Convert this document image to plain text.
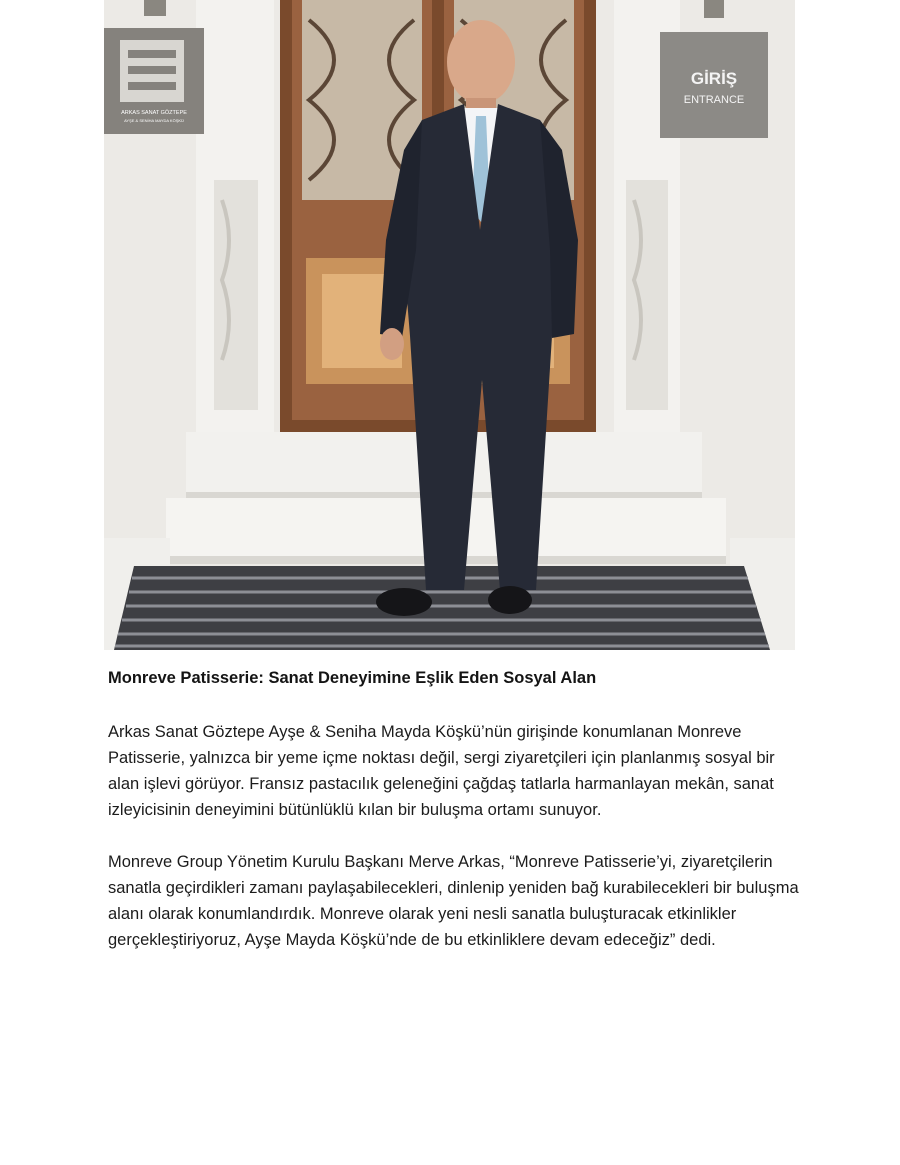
ARKAS SANAT GÖZTEPE
AYŞE & SENİHA MAYDA KÖŞKÜ
GİRİŞ
ENTRANCE
Monreve Patisserie: Sanat Deneyimine Eşlik Eden Sosyal Alan

Arkas Sanat Göztepe Ayşe & Seniha Mayda Köşkü’nün girişinde konumlanan Monreve Patisserie, yalnızca bir yeme içme noktası değil, sergi ziyaretçileri için planlanmış sosyal bir alan işlevi görüyor. Fransız pastacılık geleneğini çağdaş tatlarla harmanlayan mekân, sanat izleyicisinin deneyimini bütünlüklü kılan bir buluşma ortamı sunuyor.

Monreve Group Yönetim Kurulu Başkanı Merve Arkas, “Monreve Patisserie’yi, ziyaretçilerin sanatla geçirdikleri zamanı paylaşabilecekleri, dinlenip yeniden bağ kurabilecekleri bir buluşma alanı olarak konumlandırdık. Monreve olarak yeni nesli sanatla buluşturacak etkinlikler gerçekleştiriyoruz, Ayşe Mayda Köşkü’nde de bu etkinliklere devam edeceğiz” dedi.
